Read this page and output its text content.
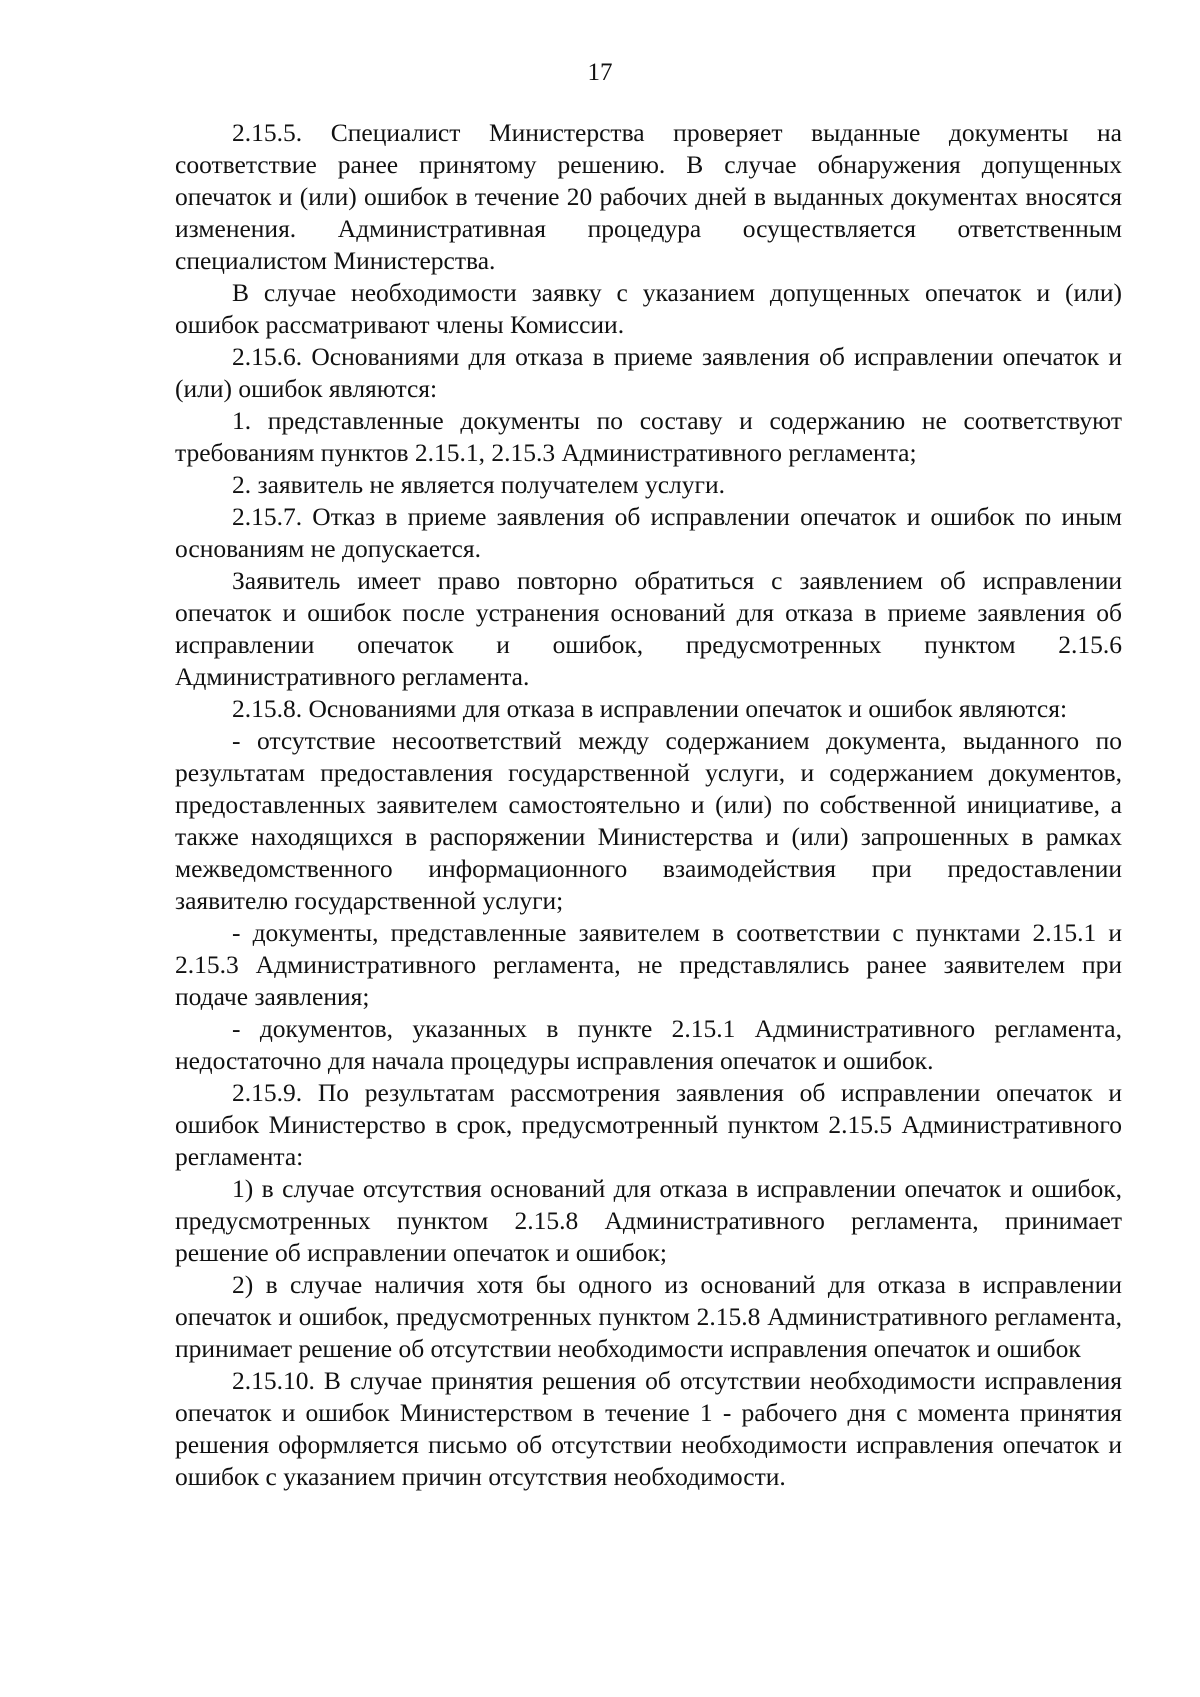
17

2.15.5. Специалист Министерства проверяет выданные документы на соответствие ранее принятому решению. В случае обнаружения допущенных опечаток и (или) ошибок в течение 20 рабочих дней в выданных документах вносятся изменения. Административная процедура осуществляется ответственным специалистом Министерства.

В случае необходимости заявку с указанием допущенных опечаток и (или) ошибок рассматривают члены Комиссии.

2.15.6. Основаниями для отказа в приеме заявления об исправлении опечаток и (или) ошибок являются:

1. представленные документы по составу и содержанию не соответствуют требованиям пунктов 2.15.1, 2.15.3 Административного регламента;

2. заявитель не является получателем услуги.

2.15.7. Отказ в приеме заявления об исправлении опечаток и ошибок по иным основаниям не допускается.

Заявитель имеет право повторно обратиться с заявлением об исправлении опечаток и ошибок после устранения оснований для отказа в приеме заявления об исправлении опечаток и ошибок, предусмотренных пунктом 2.15.6 Административного регламента.

2.15.8. Основаниями для отказа в исправлении опечаток и ошибок являются:

- отсутствие несоответствий между содержанием документа, выданного по результатам предоставления государственной услуги, и содержанием документов, предоставленных заявителем самостоятельно и (или) по собственной инициативе, а также находящихся в распоряжении Министерства и (или) запрошенных в рамках межведомственного информационного взаимодействия при предоставлении заявителю государственной услуги;

- документы, представленные заявителем в соответствии с пунктами 2.15.1 и 2.15.3 Административного регламента, не представлялись ранее заявителем при подаче заявления;

- документов, указанных в пункте 2.15.1 Административного регламента, недостаточно для начала процедуры исправления опечаток и ошибок.

2.15.9. По результатам рассмотрения заявления об исправлении опечаток и ошибок Министерство в срок, предусмотренный пунктом 2.15.5 Административного регламента:

1) в случае отсутствия оснований для отказа в исправлении опечаток и ошибок, предусмотренных пунктом 2.15.8 Административного регламента, принимает решение об исправлении опечаток и ошибок;

2) в случае наличия хотя бы одного из оснований для отказа в исправлении опечаток и ошибок, предусмотренных пунктом 2.15.8 Административного регламента, принимает решение об отсутствии необходимости исправления опечаток и ошибок

2.15.10. В случае принятия решения об отсутствии необходимости исправления опечаток и ошибок Министерством в течение 1 - рабочего дня с момента принятия решения оформляется письмо об отсутствии необходимости исправления опечаток и ошибок с указанием причин отсутствия необходимости.
